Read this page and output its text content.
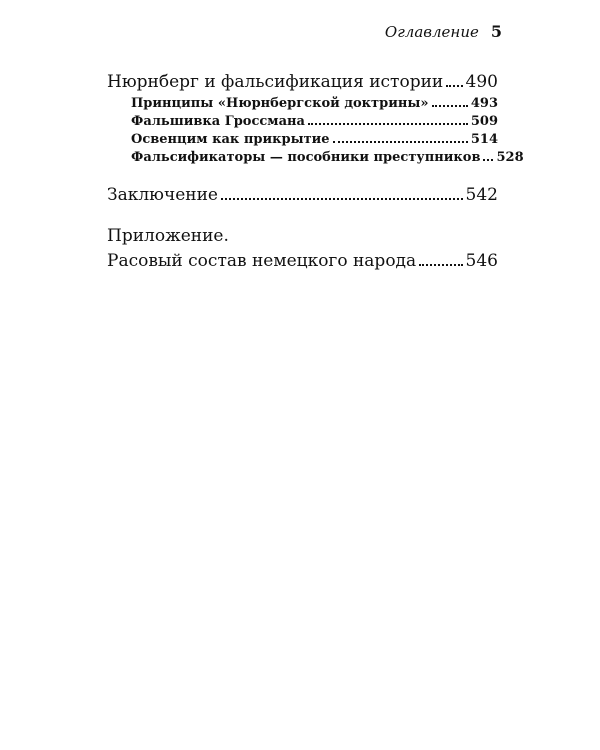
Оглавление 5
Нюрнберг и фальсификация истории 490
Принципы «Нюрнбергской доктрины»	493
Фальшивка Гроссмана	509
Освенцим как прикрытие	514
Фальсификаторы — пособники преступников 528
Заключение	542
Приложение.
Расовый состав немецкого народа	546
